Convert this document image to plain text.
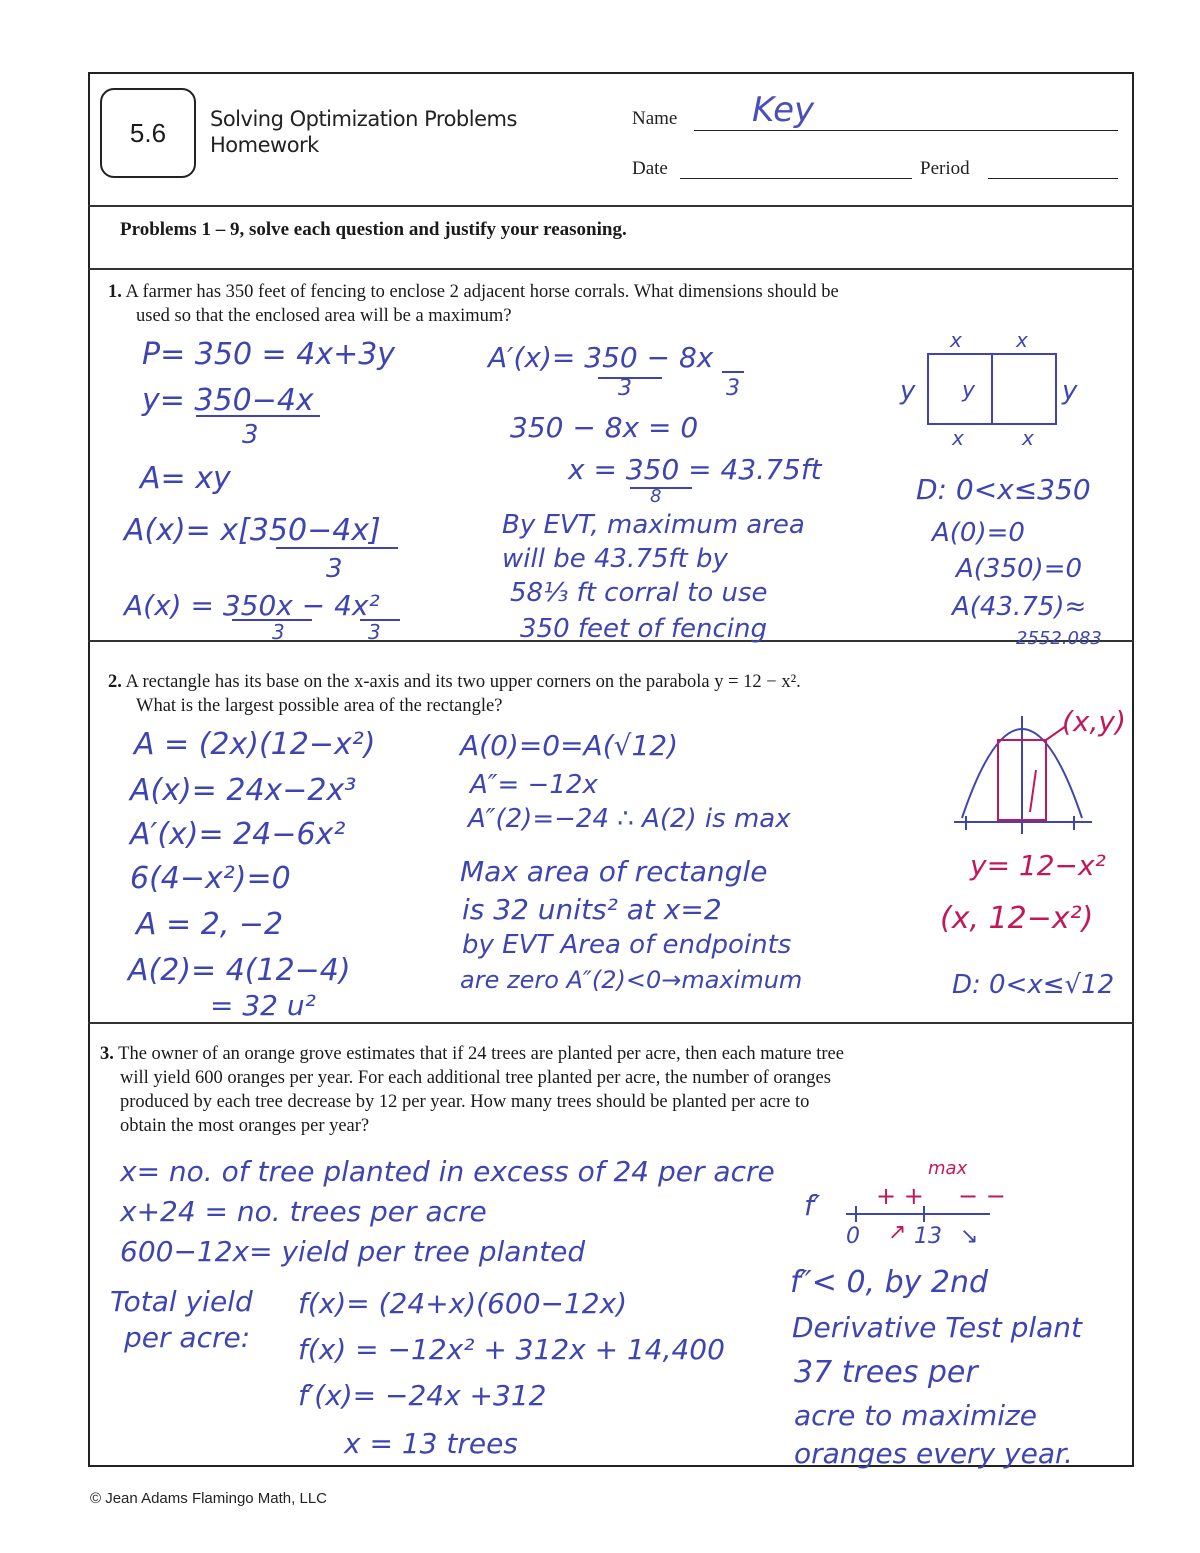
5.6 Solving Optimization Problems
Homework
Name Key
Date	Period
Problems 1 – 9, solve each question and justify your reasoning.
1. A farmer has 350 feet of fencing to enclose 2 adjacent horse corrals. What dimensions should be
used so that the enclosed area will be a maximum?
P= 350 = 4x+3y
y= 350−4x
3
A= xy
A(x)= x[350−4x]
3
A(x) = 350x − 4x²
3	3
A′(x)= 350 − 8x
3	3
350 − 8x = 0
x = 350 = 43.75ft
8
By EVT, maximum area
will be 43.75ft by
58⅓ ft corral to use
350 feet of fencing
x	x
y y	y
x	x
D: 0<x≤350
A(0)=0
A(350)=0
A(43.75)≈
2552.083
2. A rectangle has its base on the x-axis and its two upper corners on the parabola y = 12 − x².
What is the largest possible area of the rectangle?
A = (2x)(12−x²)
A(x)= 24x−2x³
A′(x)= 24−6x²
6(4−x²)=0
A = 2, −2
A(2)= 4(12−4)
= 32 u²
A(0)=0=A(√12)
A″= −12x
A″(2)=−24 ∴ A(2) is max
Max area of rectangle
is 32 units² at x=2
by EVT Area of endpoints
are zero A″(2)<0→maximum
(x,y)
y= 12−x²
(x, 12−x²)
D: 0<x≤√12
3. The owner of an orange grove estimates that if 24 trees are planted per acre, then each mature tree
will yield 600 oranges per year. For each additional tree planted per acre, the number of oranges
produced by each tree decrease by 12 per year. How many trees should be planted per acre to
obtain the most oranges per year?
x= no. of tree planted in excess of 24 per acre
x+24 = no. trees per acre
600−12x= yield per tree planted
Total yield
per acre:
f(x)= (24+x)(600−12x)
f(x) = −12x² + 312x + 14,400
f′(x)= −24x +312
x = 13 trees
f′ + +
max
− −
0 ↗ 13 ↘
f″< 0, by 2nd
Derivative Test plant
37 trees per
acre to maximize
oranges every year.
© Jean Adams Flamingo Math, LLC
